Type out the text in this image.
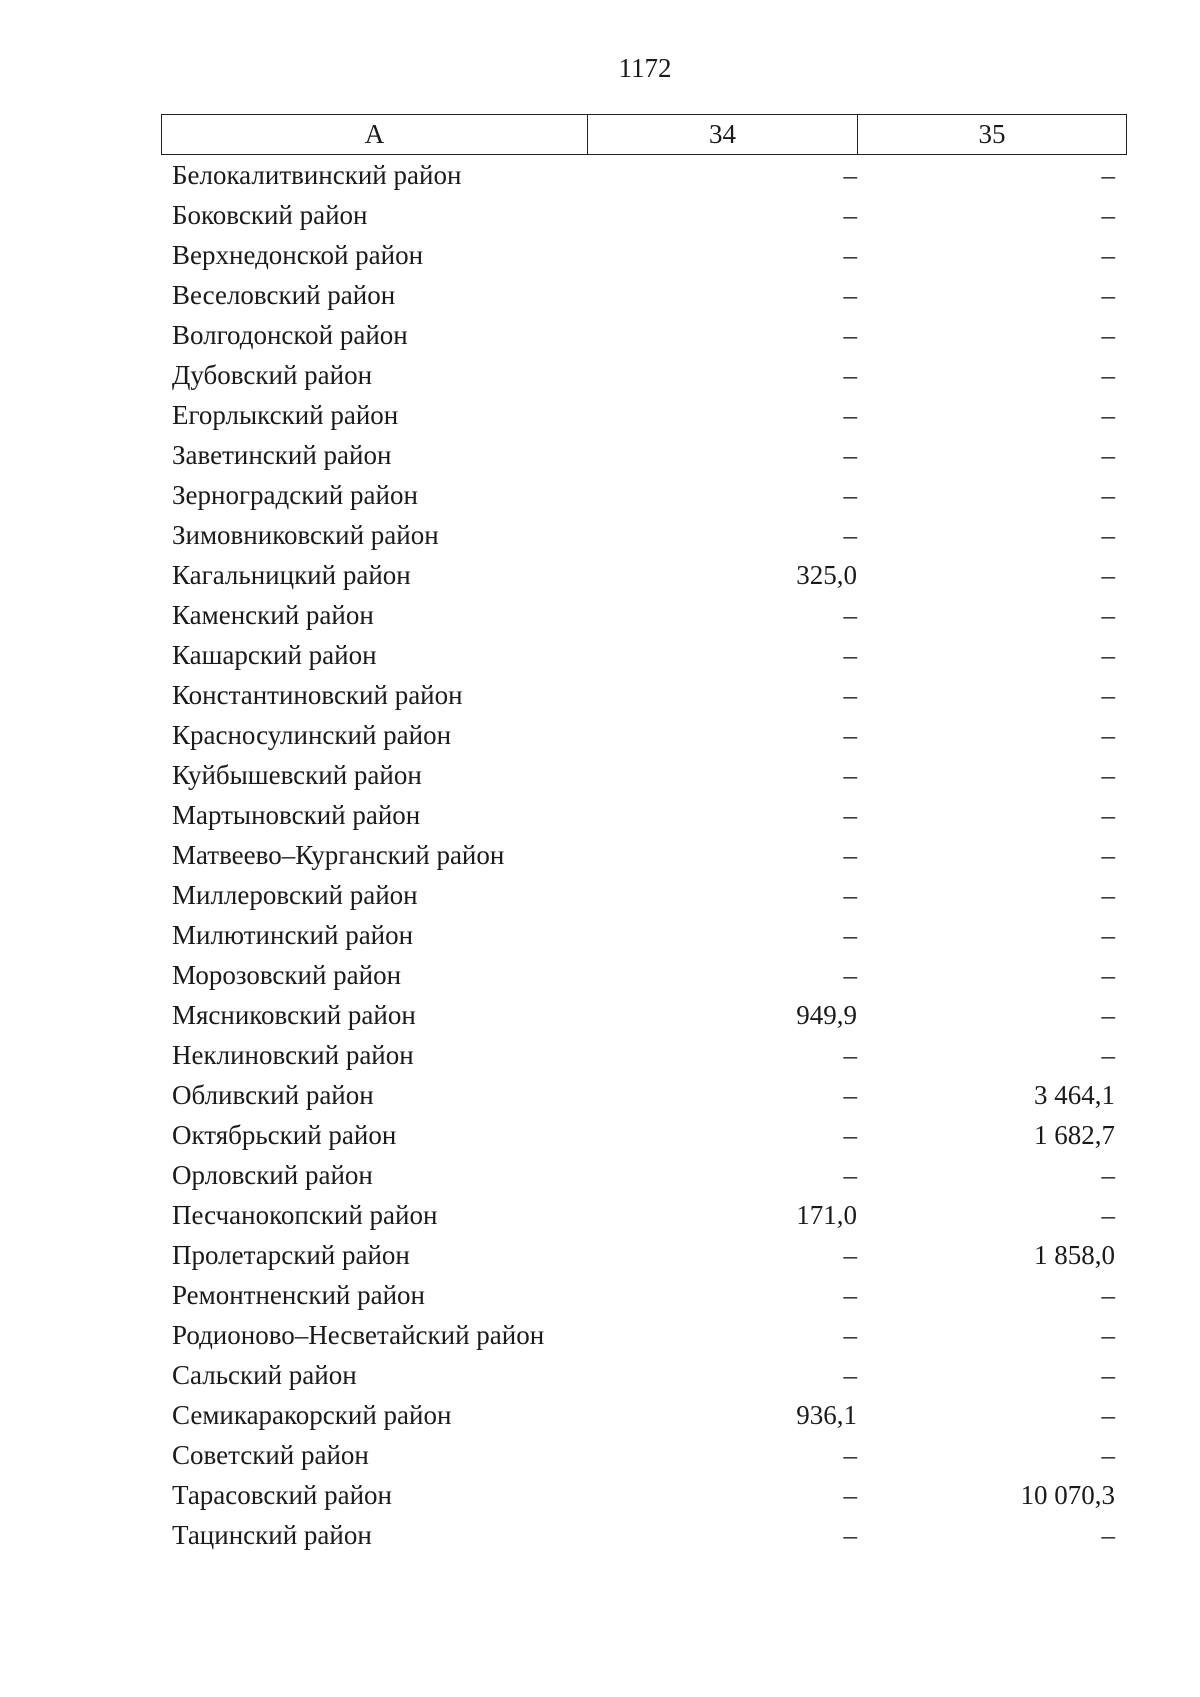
1172
А	34	35
Белокалитвинский район	–	–
Боковский район	–	–
Верхнедонской район	–	–
Веселовский район	–	–
Волгодонской район	–	–
Дубовский район	–	–
Егорлыкский район	–	–
Заветинский район	–	–
Зерноградский район	–	–
Зимовниковский район	–	–
Кагальницкий район	325,0	–
Каменский район	–	–
Кашарский район	–	–
Константиновский район	–	–
Красносулинский район	–	–
Куйбышевский район	–	–
Мартыновский район	–	–
Матвеево–Курганский район	–	–
Миллеровский район	–	–
Милютинский район	–	–
Морозовский район	–	–
Мясниковский район	949,9	–
Неклиновский район	–	–
Обливский район	–	3 464,1
Октябрьский район	–	1 682,7
Орловский район	–	–
Песчанокопский район	171,0	–
Пролетарский район	–	1 858,0
Ремонтненский район	–	–
Родионово–Несветайский район	–	–
Сальский район	–	–
Семикаракорский район	936,1	–
Советский район	–	–
Тарасовский район	–	10 070,3
Тацинский район	–	–
